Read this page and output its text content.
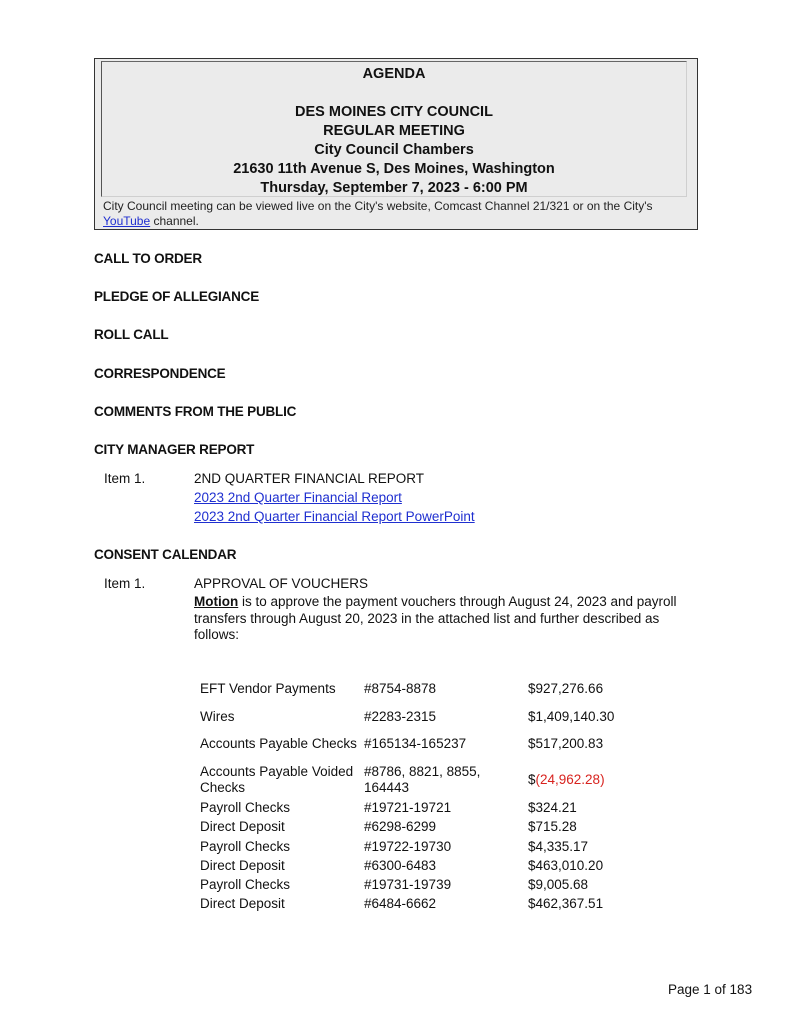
AGENDA
DES MOINES CITY COUNCIL
REGULAR MEETING
City Council Chambers
21630 11th Avenue S, Des Moines, Washington
Thursday, September 7, 2023 - 6:00 PM
City Council meeting can be viewed live on the City's website, Comcast Channel 21/321 or on the City's YouTube channel.
CALL TO ORDER
PLEDGE OF ALLEGIANCE
ROLL CALL
CORRESPONDENCE
COMMENTS FROM THE PUBLIC
CITY MANAGER REPORT
Item 1.	2ND QUARTER FINANCIAL REPORT
2023 2nd Quarter Financial Report
2023 2nd Quarter Financial Report PowerPoint
CONSENT CALENDAR
Item 1.	APPROVAL OF VOUCHERS
Motion is to approve the payment vouchers through August 24, 2023 and payroll transfers through August 20, 2023 in the attached list and further described as follows:
EFT Vendor Payments	#8754-8878	$927,276.66
Wires	#2283-2315	$1,409,140.30
Accounts Payable Checks	#165134-165237	$517,200.83
Accounts Payable Voided Checks	#8786, 8821, 8855, 164443	$(24,962.28)
Payroll Checks	#19721-19721	$324.21
Direct Deposit	#6298-6299	$715.28
Payroll Checks	#19722-19730	$4,335.17
Direct Deposit	#6300-6483	$463,010.20
Payroll Checks	#19731-19739	$9,005.68
Direct Deposit	#6484-6662	$462,367.51
Page 1 of 183
